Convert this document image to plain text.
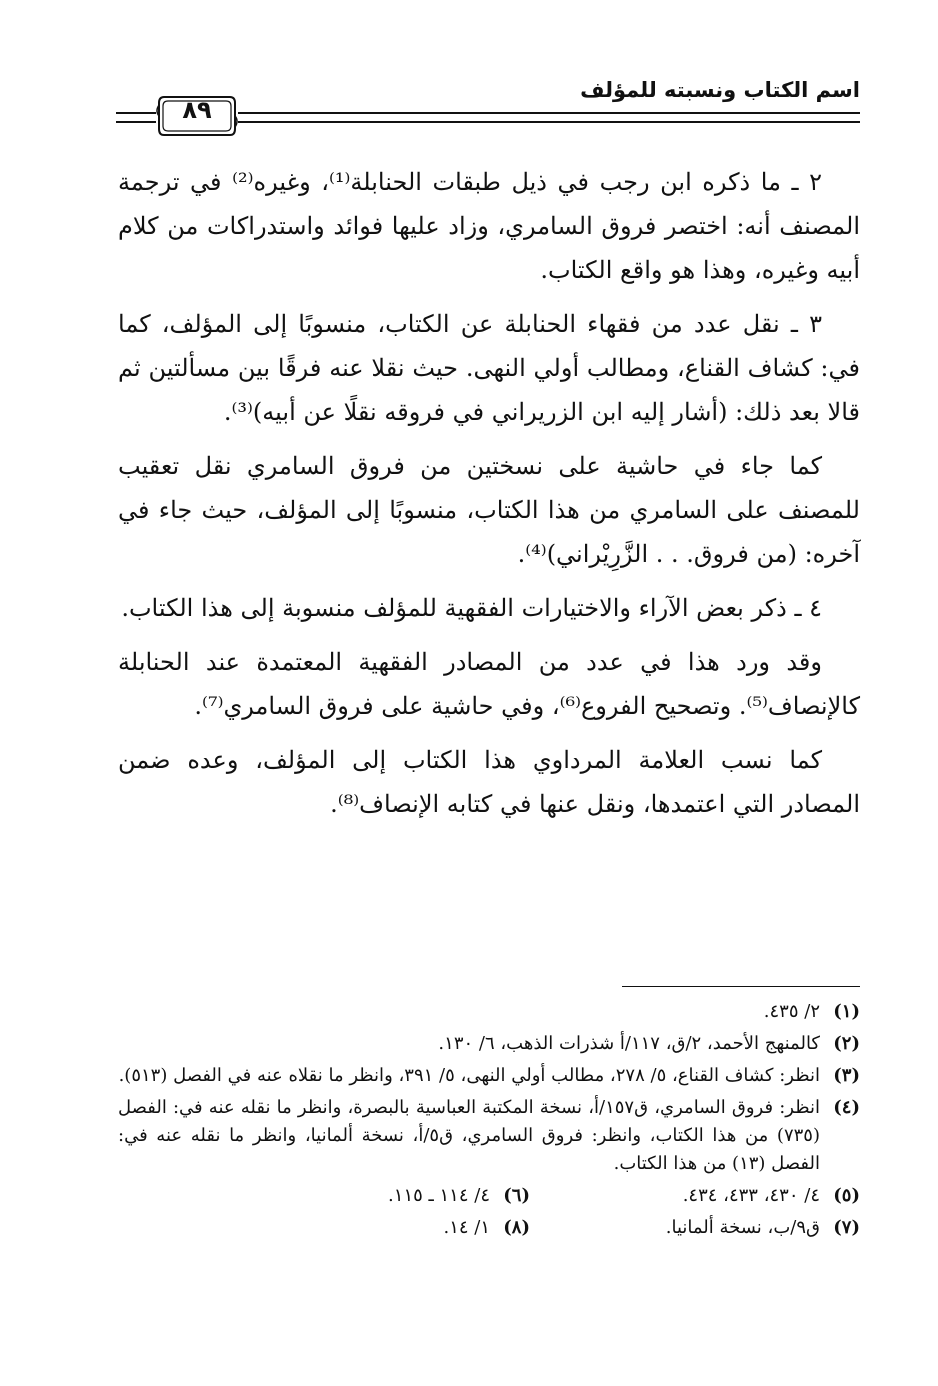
اسم الكتاب ونسبته للمؤلف
٨٩

٢ ـ ما ذكره ابن رجب في ذيل طبقات الحنابلة⁽¹⁾، وغيره⁽²⁾ في ترجمة المصنف أنه: اختصر فروق السامري، وزاد عليها فوائد واستدراكات من كلام أبيه وغيره، وهذا هو واقع الكتاب.

٣ ـ نقل عدد من فقهاء الحنابلة عن الكتاب، منسوبًا إلى المؤلف، كما في: كشاف القناع، ومطالب أولي النهى. حيث نقلا عنه فرقًا بين مسألتين ثم قالا بعد ذلك: (أشار إليه ابن الزريراني في فروقه نقلًا عن أبيه)⁽³⁾.

كما جاء في حاشية على نسختين من فروق السامري نقل تعقيب للمصنف على السامري من هذا الكتاب، منسوبًا إلى المؤلف، حيث جاء في آخره: (من فروق. . . الزَّرِيْراني)⁽⁴⁾.

٤ ـ ذكر بعض الآراء والاختيارات الفقهية للمؤلف منسوبة إلى هذا الكتاب.

وقد ورد هذا في عدد من المصادر الفقهية المعتمدة عند الحنابلة كالإنصاف⁽⁵⁾. وتصحيح الفروع⁽⁶⁾، وفي حاشية على فروق السامري⁽⁷⁾.

كما نسب العلامة المرداوي هذا الكتاب إلى المؤلف، وعده ضمن المصادر التي اعتمدها، ونقل عنها في كتابه الإنصاف⁽⁸⁾.

(١)
٢/ ٤٣٥.
(٢)
كالمنهج الأحمد، ٢/ق، ١١٧/أ شذرات الذهب، ٦/ ١٣٠.
(٣)
انظر: كشاف القناع، ٥/ ٢٧٨، مطالب أولي النهى، ٥/ ٣٩١، وانظر ما نقلاه عنه في الفصل (٥١٣).
(٤)
انظر: فروق السامري، ق١٥٧/أ، نسخة المكتبة العباسية بالبصرة، وانظر ما نقله عنه في: الفصل (٧٣٥) من هذا الكتاب، وانظر: فروق السامري، ق٥/أ، نسخة ألمانيا، وانظر ما نقله عنه في: الفصل (١٣) من هذا الكتاب.
(٥)
٤/ ٤٣٠، ٤٣٣، ٤٣٤.
(٦)
٤/ ١١٤ ـ ١١٥.
(٧)
ق٩/ب، نسخة ألمانيا.
(٨)
١/ ١٤.
